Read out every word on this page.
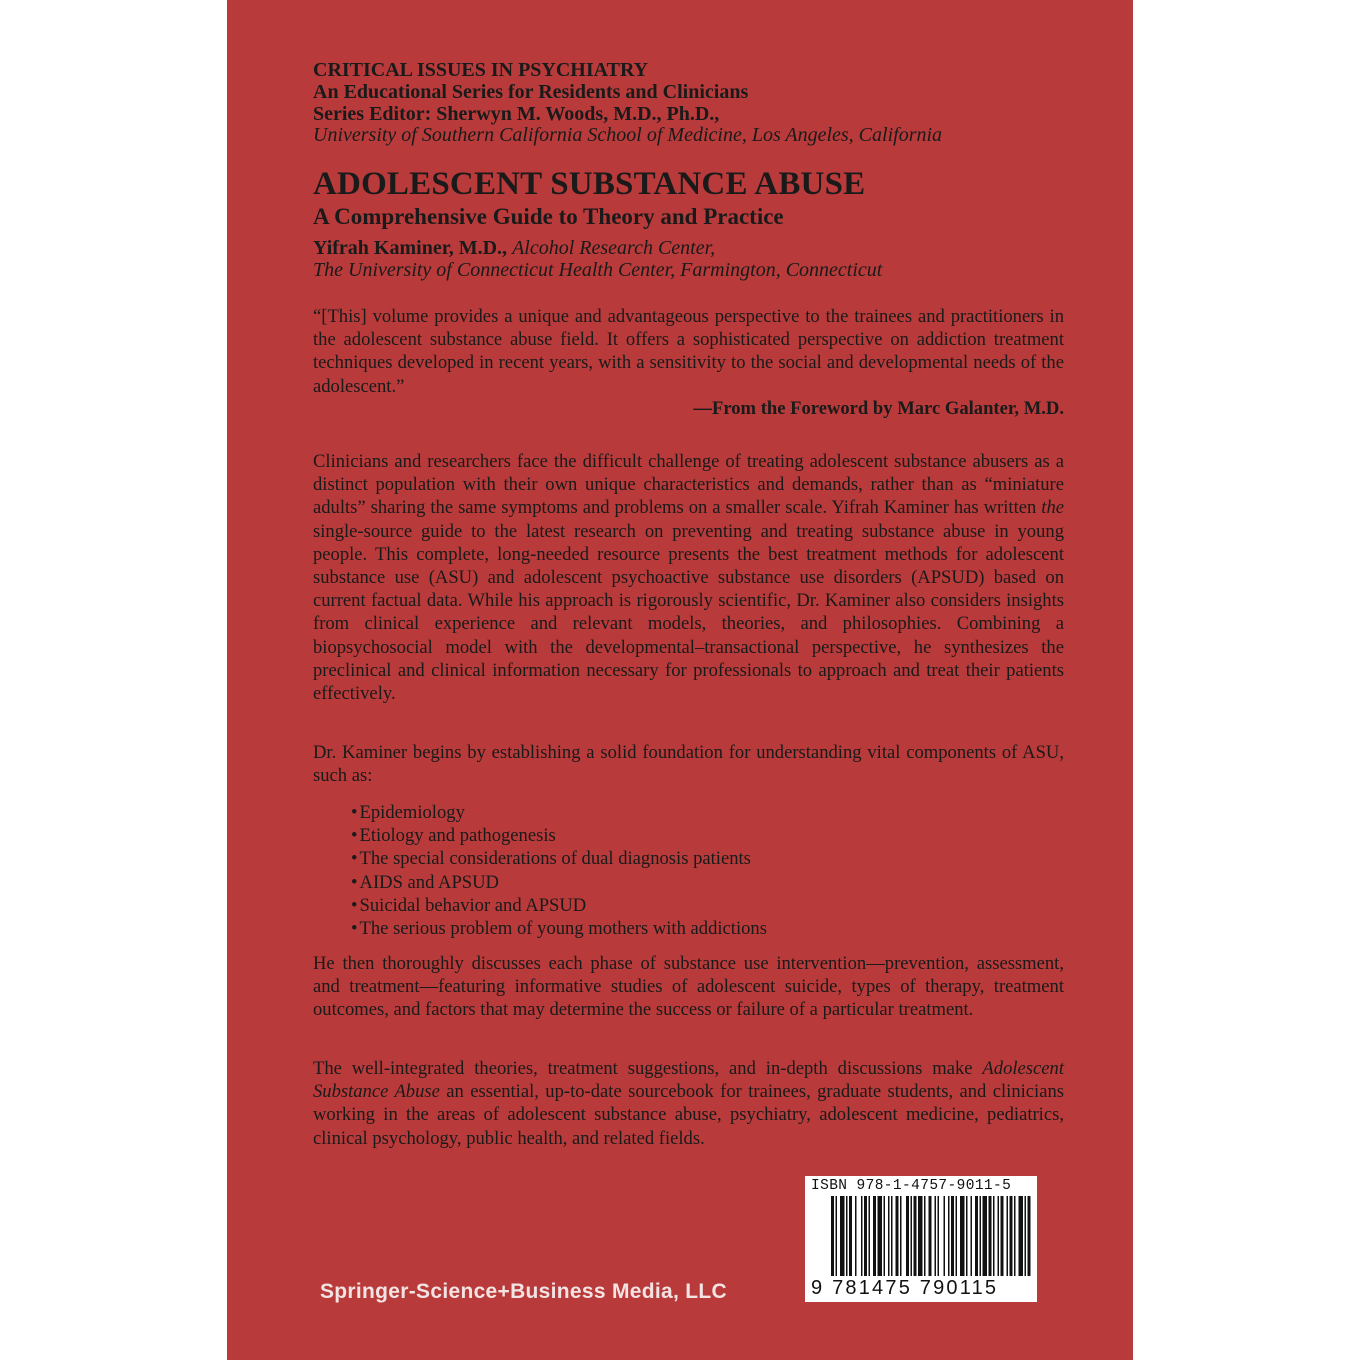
CRITICAL ISSUES IN PSYCHIATRY
An Educational Series for Residents and Clinicians
Series Editor: Sherwyn M. Woods, M.D., Ph.D.,
University of Southern California School of Medicine, Los Angeles, California
ADOLESCENT SUBSTANCE ABUSE
A Comprehensive Guide to Theory and Practice
Yifrah Kaminer, M.D., Alcohol Research Center,
The University of Connecticut Health Center, Farmington, Connecticut
“[This] volume provides a unique and advantageous perspective to the trainees and practitioners in the adolescent substance abuse field. It offers a sophisticated perspective on addiction treatment techniques developed in recent years, with a sensitivity to the social and developmental needs of the adolescent.”
—From the Foreword by Marc Galanter, M.D.
Clinicians and researchers face the difficult challenge of treating adolescent substance abusers as a distinct population with their own unique characteristics and demands, rather than as “miniature adults” sharing the same symptoms and problems on a smaller scale. Yifrah Kaminer has written the single-source guide to the latest research on preventing and treating substance abuse in young people. This complete, long-needed resource presents the best treatment methods for adolescent substance use (ASU) and adolescent psychoactive substance use disorders (APSUD) based on current factual data. While his approach is rigorously scientific, Dr. Kaminer also considers insights from clinical experience and relevant models, theories, and philosophies. Combining a biopsychosocial model with the developmental–transactional perspective, he synthesizes the preclinical and clinical information necessary for professionals to approach and treat their patients effectively.
Dr. Kaminer begins by establishing a solid foundation for understanding vital components of ASU, such as:
• Epidemiology
• Etiology and pathogenesis
• The special considerations of dual diagnosis patients
• AIDS and APSUD
• Suicidal behavior and APSUD
• The serious problem of young mothers with addictions
He then thoroughly discusses each phase of substance use intervention—prevention, assessment, and treatment—featuring informative studies of adolescent suicide, types of therapy, treatment outcomes, and factors that may determine the success or failure of a particular treatment.
The well-integrated theories, treatment suggestions, and in-depth discussions make Adolescent Substance Abuse an essential, up-to-date sourcebook for trainees, graduate students, and clinicians working in the areas of adolescent substance abuse, psychiatry, adolescent medicine, pediatrics, clinical psychology, public health, and related fields.
Springer-Science+Business Media, LLC
ISBN 978-1-4757-9011-5
9 781475 790115
